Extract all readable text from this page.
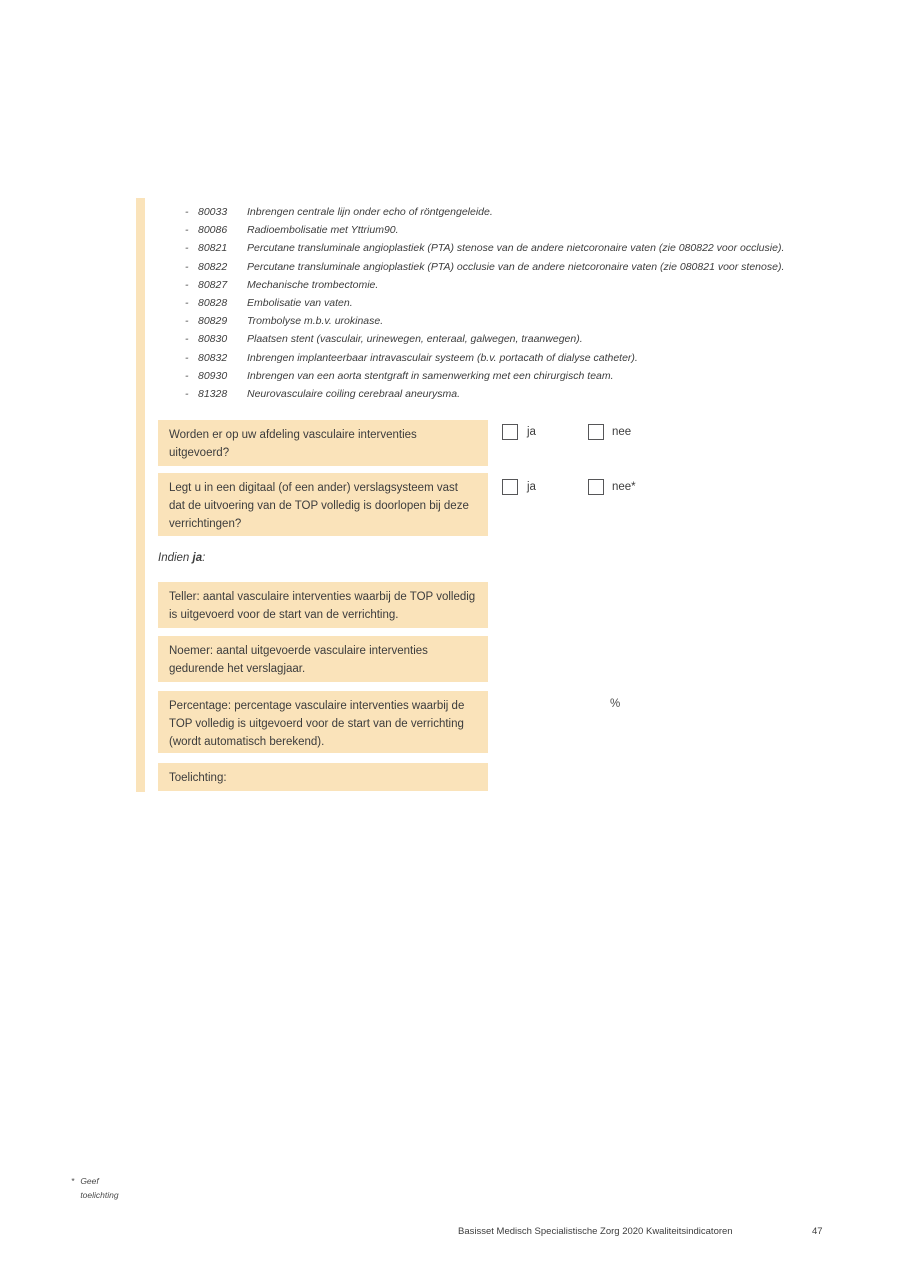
- 80033	Inbrengen centrale lijn onder echo of röntgengeleide.
- 80086	Radioembolisatie met Yttrium90.
- 80821	Percutane transluminale angioplastiek (PTA) stenose van de andere nietcoronaire vaten (zie 080822 voor occlusie).
- 80822	Percutane transluminale angioplastiek (PTA) occlusie van de andere nietcoronaire vaten (zie 080821 voor stenose).
- 80827	Mechanische trombectomie.
- 80828	Embolisatie van vaten.
- 80829	Trombolyse m.b.v. urokinase.
- 80830	Plaatsen stent (vasculair, urinewegen, enteraal, galwegen, traanwegen).
- 80832	Inbrengen implanteerbaar intravasculair systeem (b.v. portacath of dialyse catheter).
- 80930	Inbrengen van een aorta stentgraft in samenwerking met een chirurgisch team.
- 81328	Neurovasculaire coiling cerebraal aneurysma.
Worden er op uw afdeling vasculaire interventies uitgevoerd?
ja	nee
Legt u in een digitaal (of een ander) verslagsysteem vast dat de uitvoering van de TOP volledig is doorlopen bij deze verrichtingen?
ja	nee*
Indien ja:
Teller: aantal vasculaire interventies waarbij de TOP volledig is uitgevoerd voor de start van de verrichting.
Noemer: aantal uitgevoerde vasculaire interventies gedurende het verslagjaar.
Percentage: percentage vasculaire interventies waarbij de TOP volledig is uitgevoerd voor de start van de verrichting (wordt automatisch berekend).
%
Toelichting:
* Geef
toelichting
Basisset Medisch Specialistische Zorg 2020 Kwaliteitsindicatoren	47
